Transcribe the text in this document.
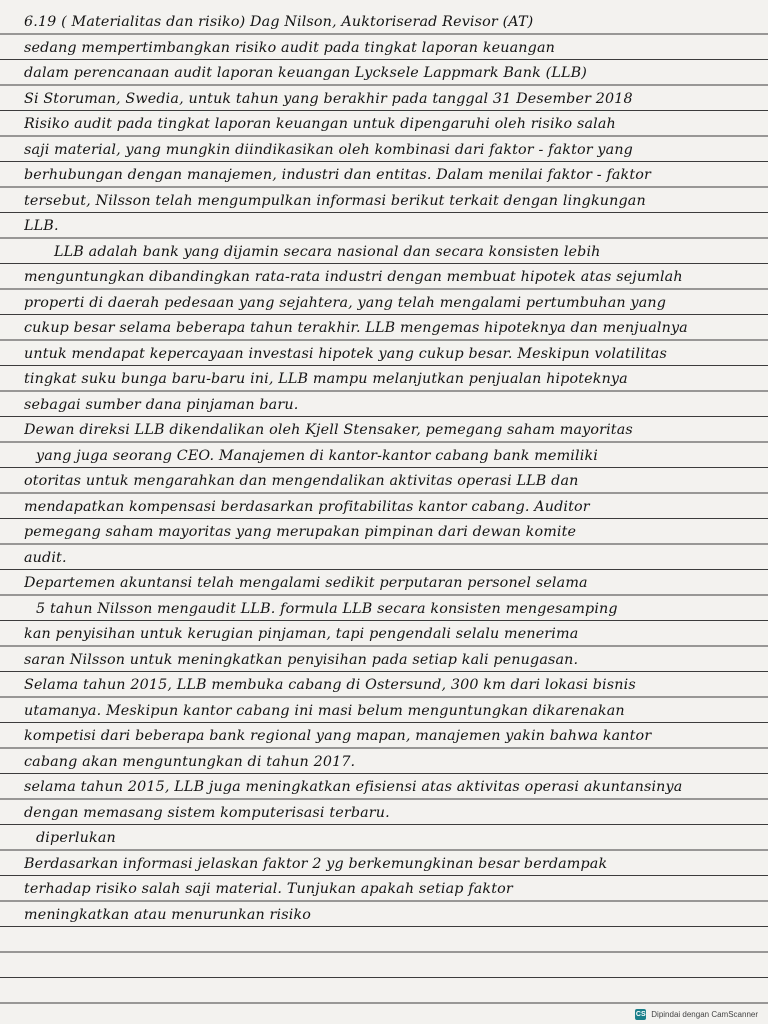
6.19 ( Materialitas dan risiko) Dag Nilson, Auktoriserad Revisor (AT)
sedang mempertimbangkan risiko audit pada tingkat laporan keuangan
dalam perencanaan audit laporan keuangan Lycksele Lappmark Bank (LLB)
Si Storuman, Swedia, untuk tahun yang berakhir pada tanggal 31 Desember 2018
Risiko audit pada tingkat laporan keuangan untuk dipengaruhi oleh risiko salah
saji material, yang mungkin diindikasikan oleh kombinasi dari faktor - faktor yang
berhubungan dengan manajemen, industri dan entitas. Dalam menilai faktor - faktor
tersebut, Nilsson telah mengumpulkan informasi berikut terkait dengan lingkungan
LLB.
LLB adalah bank yang dijamin secara nasional dan secara konsisten lebih
menguntungkan dibandingkan rata-rata industri dengan membuat hipotek atas sejumlah
properti di daerah pedesaan yang sejahtera, yang telah mengalami pertumbuhan yang
cukup besar selama beberapa tahun terakhir. LLB mengemas hipoteknya dan menjualnya
untuk mendapat kepercayaan investasi hipotek yang cukup besar. Meskipun volatilitas
tingkat suku bunga baru-baru ini, LLB mampu melanjutkan penjualan hipoteknya
sebagai sumber dana pinjaman baru.
Dewan direksi LLB dikendalikan oleh Kjell Stensaker, pemegang saham mayoritas
yang juga seorang CEO. Manajemen di kantor-kantor cabang bank memiliki
otoritas untuk mengarahkan dan mengendalikan aktivitas operasi LLB dan
mendapatkan kompensasi berdasarkan profitabilitas kantor cabang. Auditor
pemegang saham mayoritas yang merupakan pimpinan dari dewan komite
audit.
Departemen akuntansi telah mengalami sedikit perputaran personel selama
5 tahun Nilsson mengaudit LLB. formula LLB secara konsisten mengesamping
kan penyisihan untuk kerugian pinjaman, tapi pengendali selalu menerima
saran Nilsson untuk meningkatkan penyisihan pada setiap kali penugasan.
Selama tahun 2015, LLB membuka cabang di Ostersund, 300 km dari lokasi bisnis
utamanya. Meskipun kantor cabang ini masi belum menguntungkan dikarenakan
kompetisi dari beberapa bank regional yang mapan, manajemen yakin bahwa kantor
cabang akan menguntungkan di tahun 2017.
selama tahun 2015, LLB juga meningkatkan efisiensi atas aktivitas operasi akuntansinya
dengan memasang sistem komputerisasi terbaru.
diperlukan
Berdasarkan informasi jelaskan faktor 2 yg berkemungkinan besar berdampak
terhadap risiko salah saji material. Tunjukan apakah setiap faktor
meningkatkan atau menurunkan risiko
CS Dipindai dengan CamScanner
